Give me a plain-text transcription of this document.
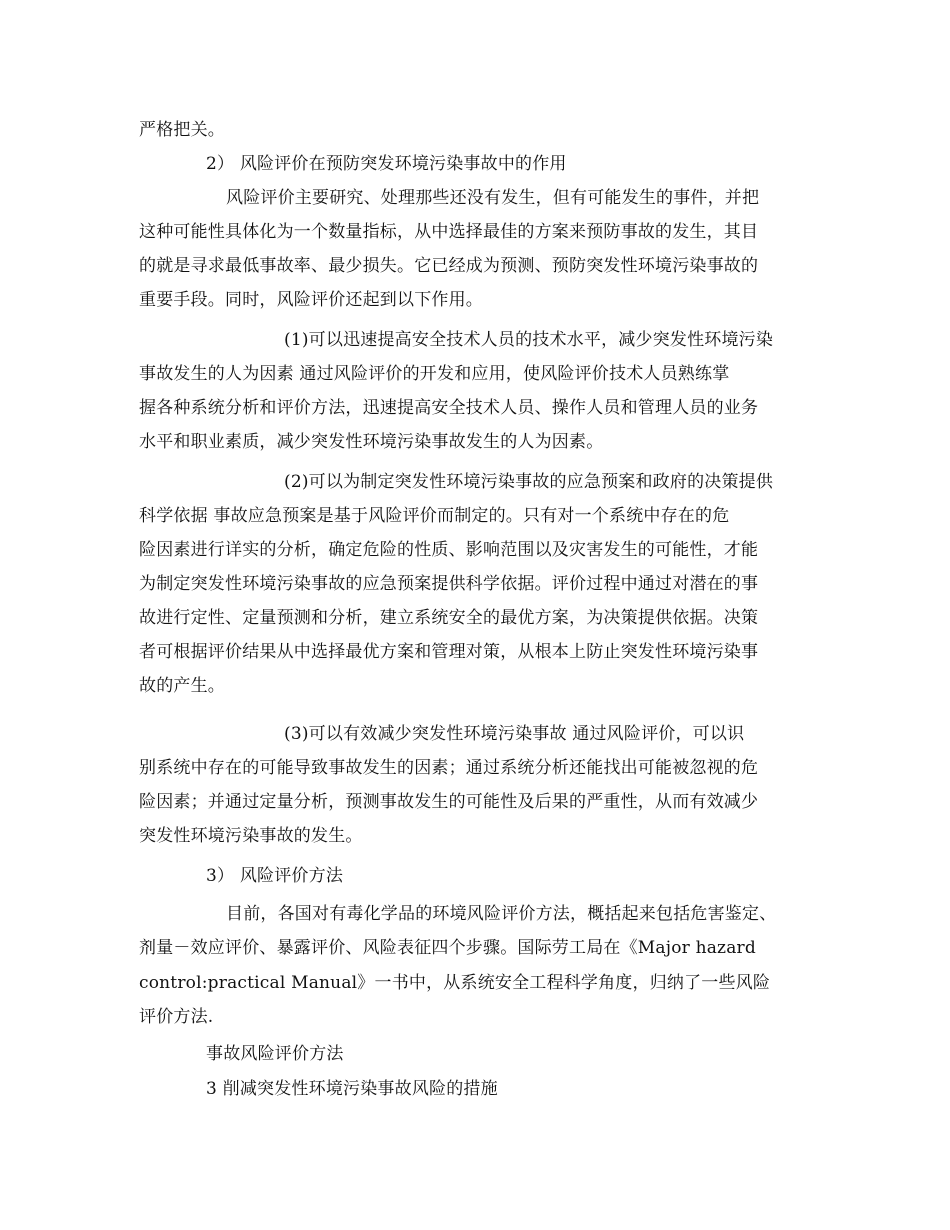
严格把关。
2） 风险评价在预防突发环境污染事故中的作用
风险评价主要研究、处理那些还没有发生，但有可能发生的事件，并把
这种可能性具体化为一个数量指标，从中选择最佳的方案来预防事故的发生，其目
的就是寻求最低事故率、最少损失。它已经成为预测、预防突发性环境污染事故的
重要手段。同时，风险评价还起到以下作用。
(1)可以迅速提高安全技术人员的技术水平，减少突发性环境污染
事故发生的人为因素 通过风险评价的开发和应用，使风险评价技术人员熟练掌
握各种系统分析和评价方法，迅速提高安全技术人员、操作人员和管理人员的业务
水平和职业素质，减少突发性环境污染事故发生的人为因素。
(2)可以为制定突发性环境污染事故的应急预案和政府的决策提供
科学依据 事故应急预案是基于风险评价而制定的。只有对一个系统中存在的危
险因素进行详实的分析，确定危险的性质、影响范围以及灾害发生的可能性，才能
为制定突发性环境污染事故的应急预案提供科学依据。评价过程中通过对潜在的事
故进行定性、定量预测和分析，建立系统安全的最优方案，为决策提供依据。决策
者可根据评价结果从中选择最优方案和管理对策，从根本上防止突发性环境污染事
故的产生。
(3)可以有效减少突发性环境污染事故 通过风险评价，可以识
别系统中存在的可能导致事故发生的因素；通过系统分析还能找出可能被忽视的危
险因素；并通过定量分析，预测事故发生的可能性及后果的严重性，从而有效减少
突发性环境污染事故的发生。
3） 风险评价方法
目前，各国对有毒化学品的环境风险评价方法，概括起来包括危害鉴定、
剂量－效应评价、暴露评价、风险表征四个步骤。国际劳工局在《Major hazard
control:practical Manual》一书中，从系统安全工程科学角度，归纳了一些风险
评价方法.
事故风险评价方法
3 削减突发性环境污染事故风险的措施
